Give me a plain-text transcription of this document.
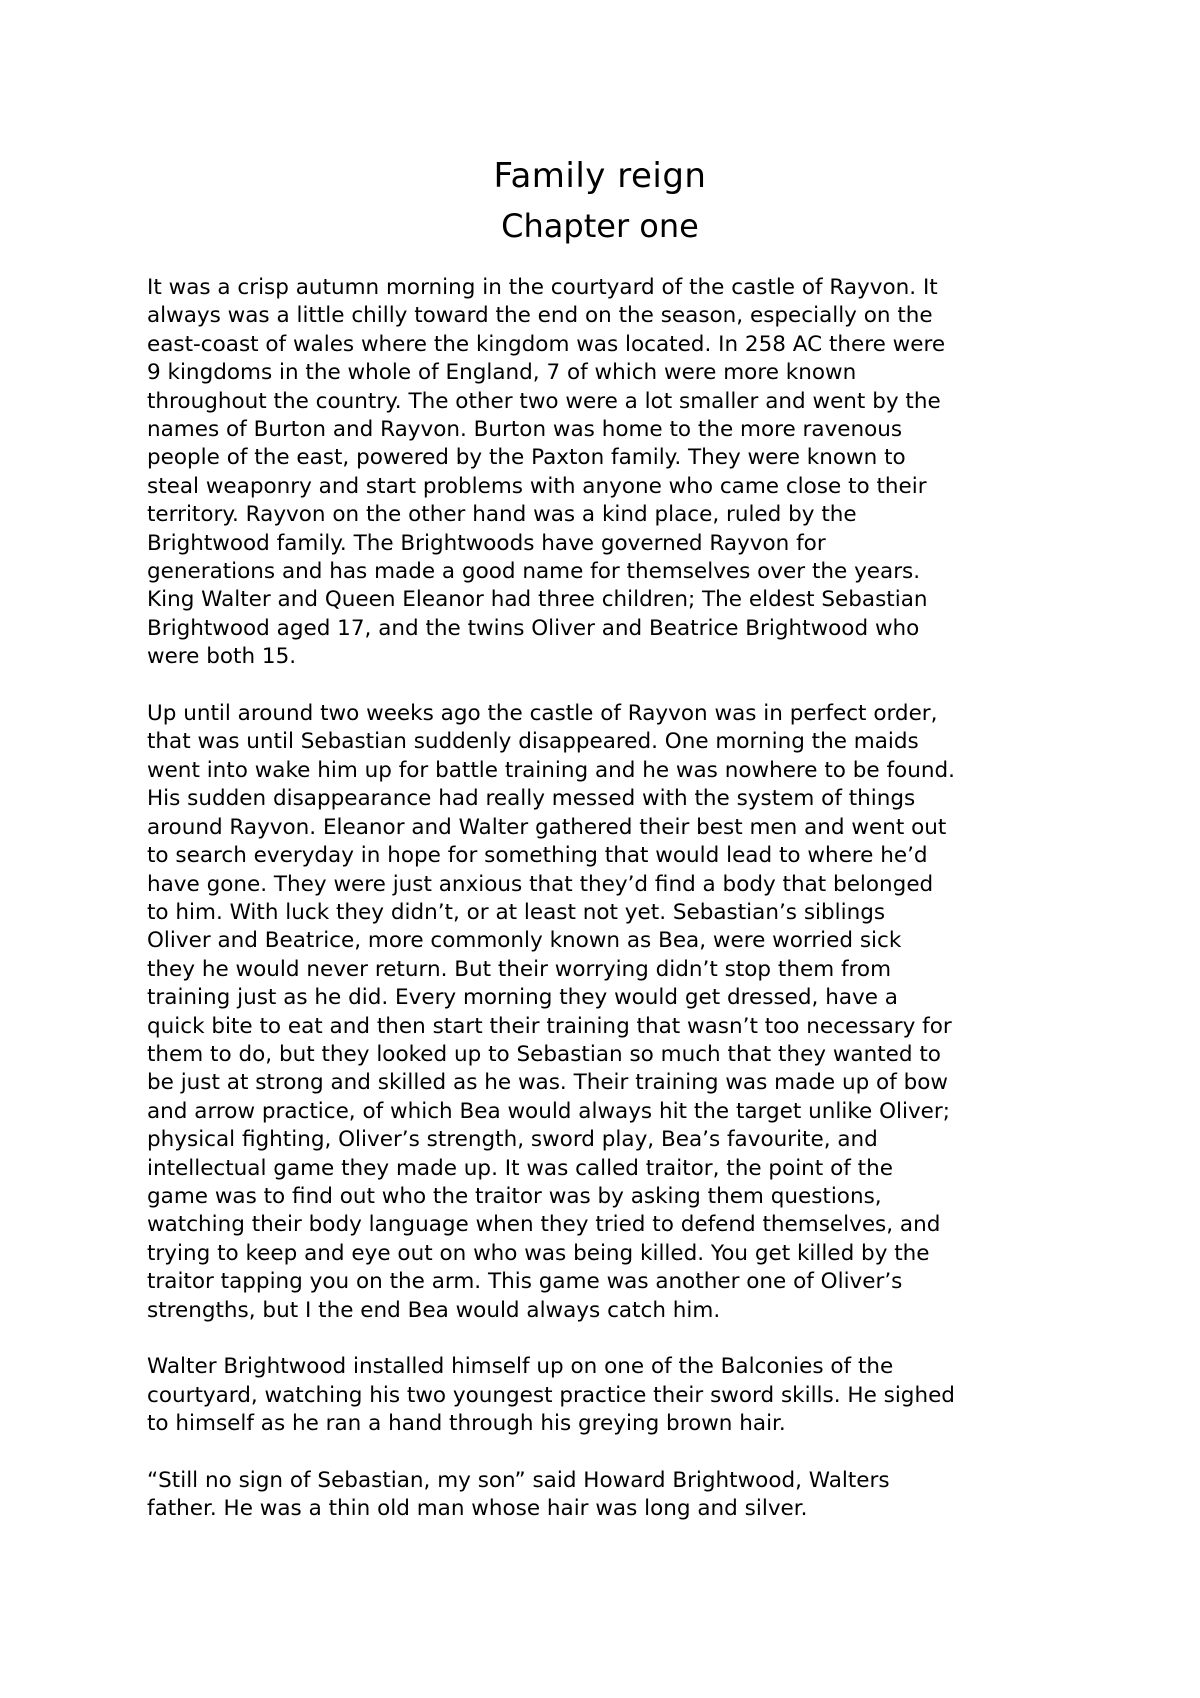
Family reign
Chapter one

It was a crisp autumn morning in the courtyard of the castle of Rayvon. It
always was a little chilly toward the end on the season, especially on the
east-coast of wales where the kingdom was located. In 258 AC there were
9 kingdoms in the whole of England, 7 of which were more known
throughout the country. The other two were a lot smaller and went by the
names of Burton and Rayvon. Burton was home to the more ravenous
people of the east, powered by the Paxton family. They were known to
steal weaponry and start problems with anyone who came close to their
territory. Rayvon on the other hand was a kind place, ruled by the
Brightwood family. The Brightwoods have governed Rayvon for
generations and has made a good name for themselves over the years.
King Walter and Queen Eleanor had three children; The eldest Sebastian
Brightwood aged 17, and the twins Oliver and Beatrice Brightwood who
were both 15.

Up until around two weeks ago the castle of Rayvon was in perfect order,
that was until Sebastian suddenly disappeared. One morning the maids
went into wake him up for battle training and he was nowhere to be found.
His sudden disappearance had really messed with the system of things
around Rayvon. Eleanor and Walter gathered their best men and went out
to search everyday in hope for something that would lead to where he’d
have gone. They were just anxious that they’d find a body that belonged
to him. With luck they didn’t, or at least not yet. Sebastian’s siblings
Oliver and Beatrice, more commonly known as Bea, were worried sick
they he would never return. But their worrying didn’t stop them from
training just as he did. Every morning they would get dressed, have a
quick bite to eat and then start their training that wasn’t too necessary for
them to do, but they looked up to Sebastian so much that they wanted to
be just at strong and skilled as he was. Their training was made up of bow
and arrow practice, of which Bea would always hit the target unlike Oliver;
physical fighting, Oliver’s strength, sword play, Bea’s favourite, and
intellectual game they made up. It was called traitor, the point of the
game was to find out who the traitor was by asking them questions,
watching their body language when they tried to defend themselves, and
trying to keep and eye out on who was being killed. You get killed by the
traitor tapping you on the arm. This game was another one of Oliver’s
strengths, but I the end Bea would always catch him.

Walter Brightwood installed himself up on one of the Balconies of the
courtyard, watching his two youngest practice their sword skills. He sighed
to himself as he ran a hand through his greying brown hair.

“Still no sign of Sebastian, my son” said Howard Brightwood, Walters
father. He was a thin old man whose hair was long and silver.
